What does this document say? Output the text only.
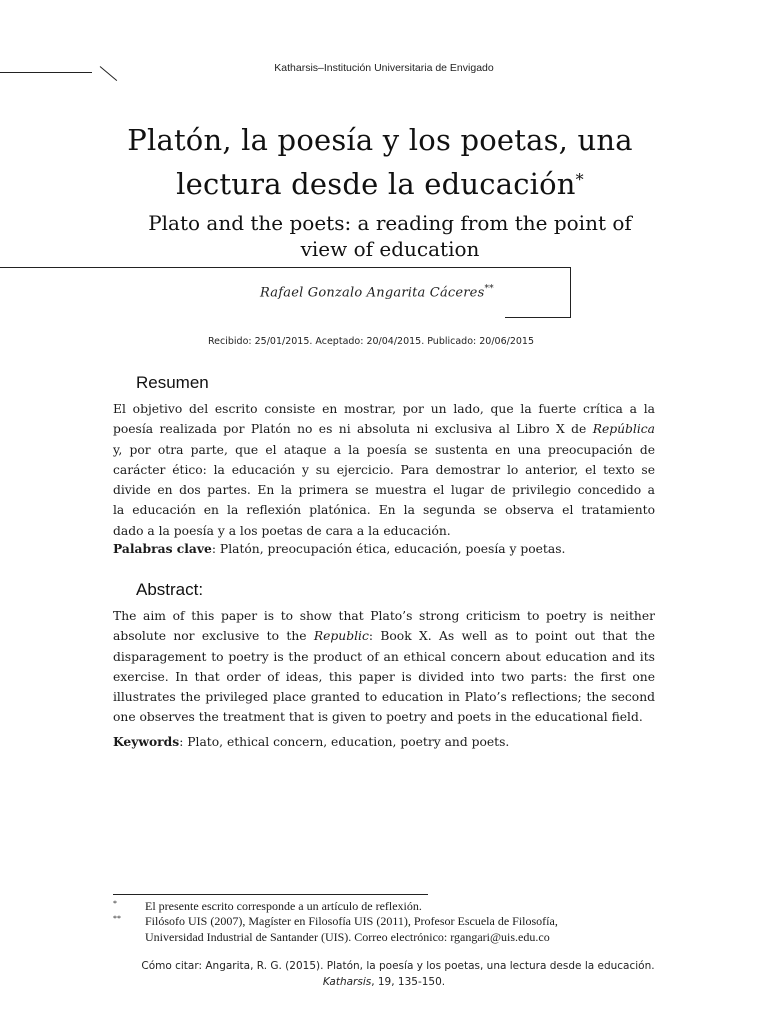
Katharsis–Institución Universitaria de Envigado
Platón, la poesía y los poetas, una
lectura desde la educación*
Plato and the poets: a reading from the point of
view of education
Rafael Gonzalo Angarita Cáceres**
Recibido: 25/01/2015. Aceptado: 20/04/2015. Publicado: 20/06/2015
Resumen
El objetivo del escrito consiste en mostrar, por un lado, que la fuerte crítica a la
poesía realizada por Platón no es ni absoluta ni exclusiva al Libro X de República
y, por otra parte, que el ataque a la poesía se sustenta en una preocupación de
carácter ético: la educación y su ejercicio. Para demostrar lo anterior, el texto se
divide en dos partes. En la primera se muestra el lugar de privilegio concedido a
la educación en la reflexión platónica. En la segunda se observa el tratamiento
dado a la poesía y a los poetas de cara a la educación.
Palabras clave: Platón, preocupación ética, educación, poesía y poetas.
Abstract:
The aim of this paper is to show that Plato’s strong criticism to poetry is neither
absolute nor exclusive to the Republic: Book X. As well as to point out that the
disparagement to poetry is the product of an ethical concern about education and its
exercise. In that order of ideas, this paper is divided into two parts: the first one
illustrates the privileged place granted to education in Plato’s reflections; the second
one observes the treatment that is given to poetry and poets in the educational field.
Keywords: Plato, ethical concern, education, poetry and poets.
* El presente escrito corresponde a un artículo de reflexión.
** Filósofo UIS (2007), Magíster en Filosofía UIS (2011), Profesor Escuela de Filosofía,
Universidad Industrial de Santander (UIS). Correo electrónico: rgangari@uis.edu.co
Cómo citar: Angarita, R. G. (2015). Platón, la poesía y los poetas, una lectura desde la educación.
Katharsis, 19, 135-150.
